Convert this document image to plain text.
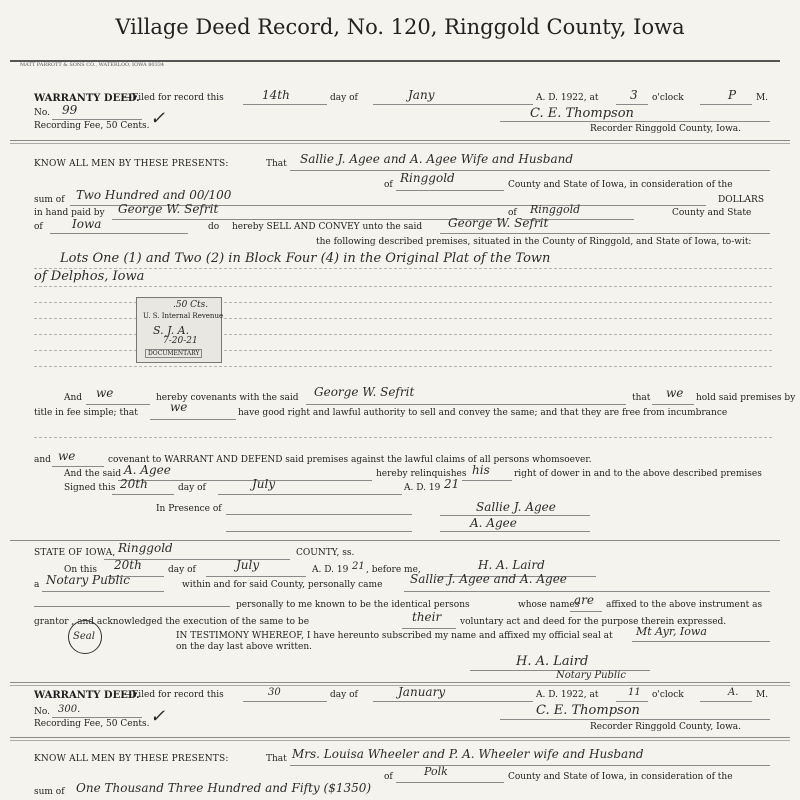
Village Deed Record, No. 120, Ringgold County, Iowa
MATT PARROTT & SONS CO., WATERLOO, IOWA 80334
WARRANTY DEED.
—Filed for record this	14th	day of	Jany	A. D. 1922, at	3 o'clock	P M.
No. 99	✓
Recording Fee, 50 Cents.
C. E. Thompson
Recorder Ringgold County, Iowa.
KNOW ALL MEN BY THESE PRESENTS:	That Sallie J. Agee and A. Agee Wife and Husband
of Ringgold	County and State of Iowa, in consideration of the
sum of Two Hundred and 00/100	DOLLARS
in hand paid by George W. Sefrit	of Ringgold	County and State
of Iowa	do hereby SELL AND CONVEY unto the said George W. Sefrit
the following described premises, situated in the County of Ringgold, and State of Iowa, to-wit:
Lots One (1) and Two (2) in Block Four (4) in the Original Plat of the Town
of Delphos, Iowa
.50 Cts.
U. S. Internal Revenue
S. J. A.
7-20-21
DOCUMENTARY
And we	hereby covenants with the said George W. Sefrit	that we hold said premises by
title in fee simple; that	we	have good right and lawful authority to sell and convey the same; and that they are free from incumbrance
and we	covenant to WARRANT AND DEFEND said premises against the lawful claims of all persons whomsoever.
And the said A. Agee	hereby relinquishes his	right of dower in and to the above described premises
Signed this 20th	day of	July	A. D. 19 21
In Presence of	Sallie J. Agee
A. Agee
STATE OF IOWA, Ringgold	COUNTY, ss.
On this 20th	day of	July	A. D. 19 21 , before me,	H. A. Laird
a Notary Public	within and for said County, personally came Sallie J. Agee and A. Agee
personally to me known to be the identical persons	whose names
are affixed to the above instrument as
grantor , and acknowledged the execution of the same to be	their voluntary act and deed for the purpose therein expressed.
Seal	IN TESTIMONY WHEREOF, I have hereunto subscribed my name and affixed my official seal at Mt Ayr, Iowa
on the day last above written.
H. A. Laird
Notary Public
WARRANTY DEED.
—Filed for record this	30	day of	January	A. D. 1922, at	11 o'clock	A. M.
No. 300.	✓
Recording Fee, 50 Cents.
C. E. Thompson
Recorder Ringgold County, Iowa.
KNOW ALL MEN BY THESE PRESENTS:	That Mrs. Louisa Wheeler and P. A. Wheeler wife and Husband
of	Polk	County and State of Iowa, in consideration of the
sum of One Thousand Three Hundred and Fifty ($1350)
